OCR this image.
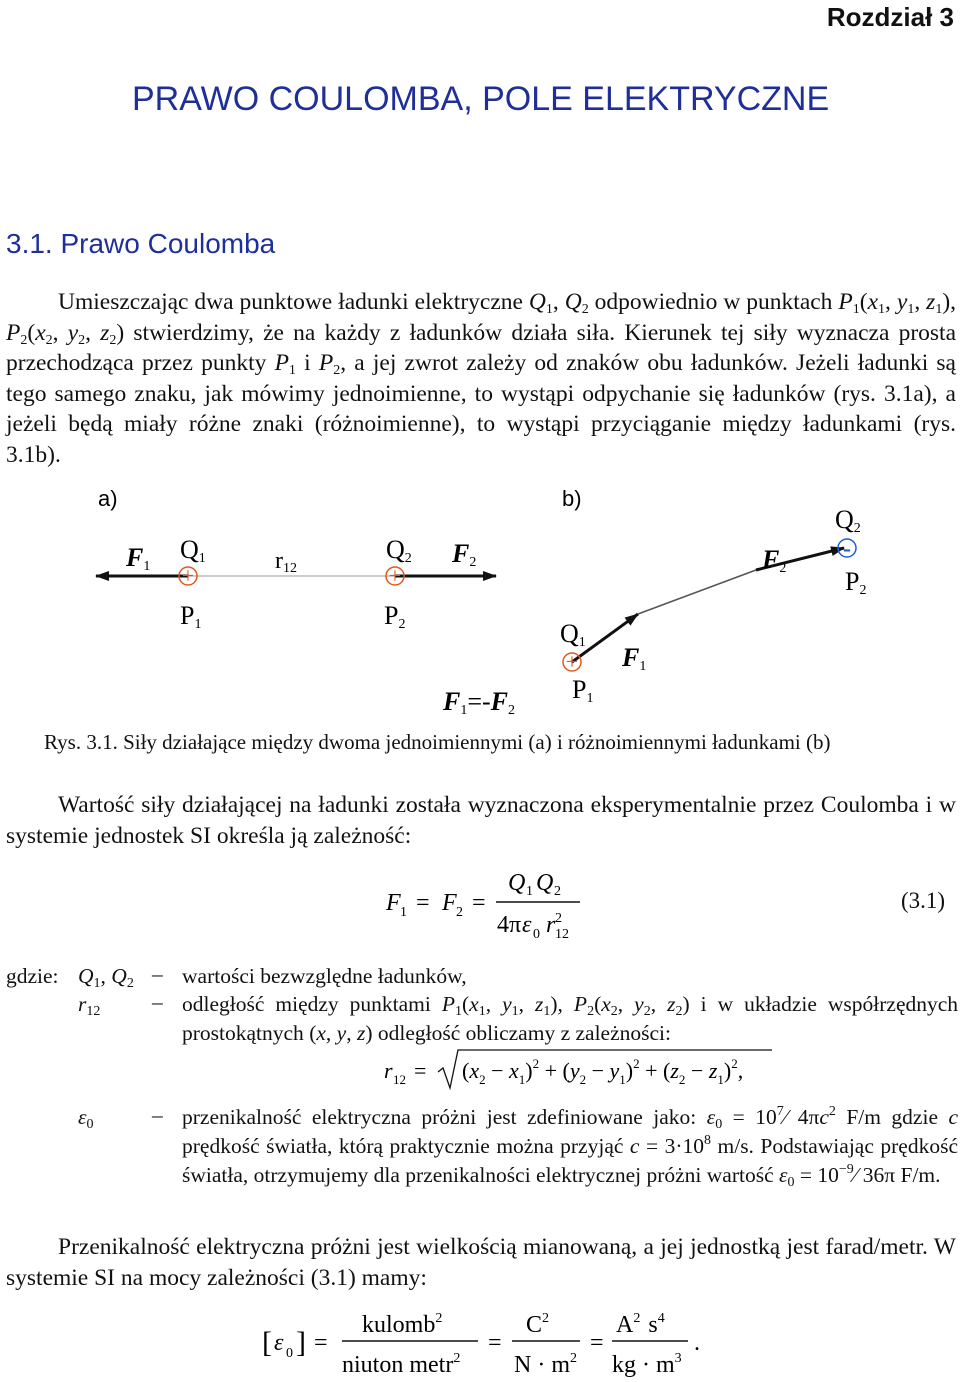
Rozdział 3
PRAWO COULOMBA, POLE ELEKTRYCZNE
3.1. Prawo Coulomba

Umieszczając dwa punktowe ładunki elektryczne $Q_1$, $Q_2$ odpowiednio w punktach $P_1(x_1$, $y_1$, $z_1$), $P_2(x_2$, $y_2$, $z_2$) stwierdzimy, że na każdy z ładunków działa siła. Kierunek tej siły wyznacza prosta przechodząca przez punkty $P_1$ i $P_2$, a jej zwrot zależy od znaków obu ładunków. Jeżeli ładunki są tego samego znaku, jak mówimy jednoimienne, to wystąpi odpychanie się ładunków (rys. 3.1a), a jeżeli będą miały różne znaki (różnoimienne), to wystąpi przyciąganie między ładunkami (rys. 3.1b).

a)	b)
+	+
F1
Q1	r12
Q2 F2
P1	P2
F1=-F2
+
-
Q2
P2
F2
Q1
F1
P1
Rys. 3.1. Siły działające między dwoma jednoimiennymi (a) i różnoimiennymi ładunkami (b)

Wartość siły działającej na ładunki została wyznaczona eksperymentalnie przez Coulomba i w systemie jednostek SI określa ją zależność:

F 1 = F 2 =
Q 1 Q 2
4π ε 0 r 2
12
(3.1)
gdzie: $Q_1$, $Q_2$ – wartości bezwzględne ładunków,
$r_{12}$ – odległość między punktami $P_1(x_1$, $y_1$, $z_1$), $P_2(x_2$, $y_2$, $z_2$) i w układzie współrzędnych prostokątnych (x, y, z) odległość obliczamy z zależności:
r $12 = (x_2 - x_1)^2 + (y_2 - y_1)^2 + (z_2 - z_1)^2$,
$\varepsilon_0$	– przenikalność elektryczna próżni jest zdefiniowane jako: $\varepsilon_0$ = $10^7⁄$ $4\pi c^2$ F/m gdzie c prędkość światła, którą praktycznie można przyjąć $c = 3\cdot 10^8$ m/s. Podstawiając prędkość światła, otrzymujemy dla przenikalności elektrycznej próżni wartość $\varepsilon_0$ = $10^{-9}⁄$ 36π F/m.

Przenikalność elektryczna próżni jest wielkością mianowaną, a jej jednostką jest farad/metr. W systemie SI na mocy zależności (3.1) mamy:

[ ε 0 ] =
kulomb$^2$
niuton metr$^2$
=
$C^2$
$N \cdot m^2$
=
$A^2$ $s^4$
kg · $m^3$
.
